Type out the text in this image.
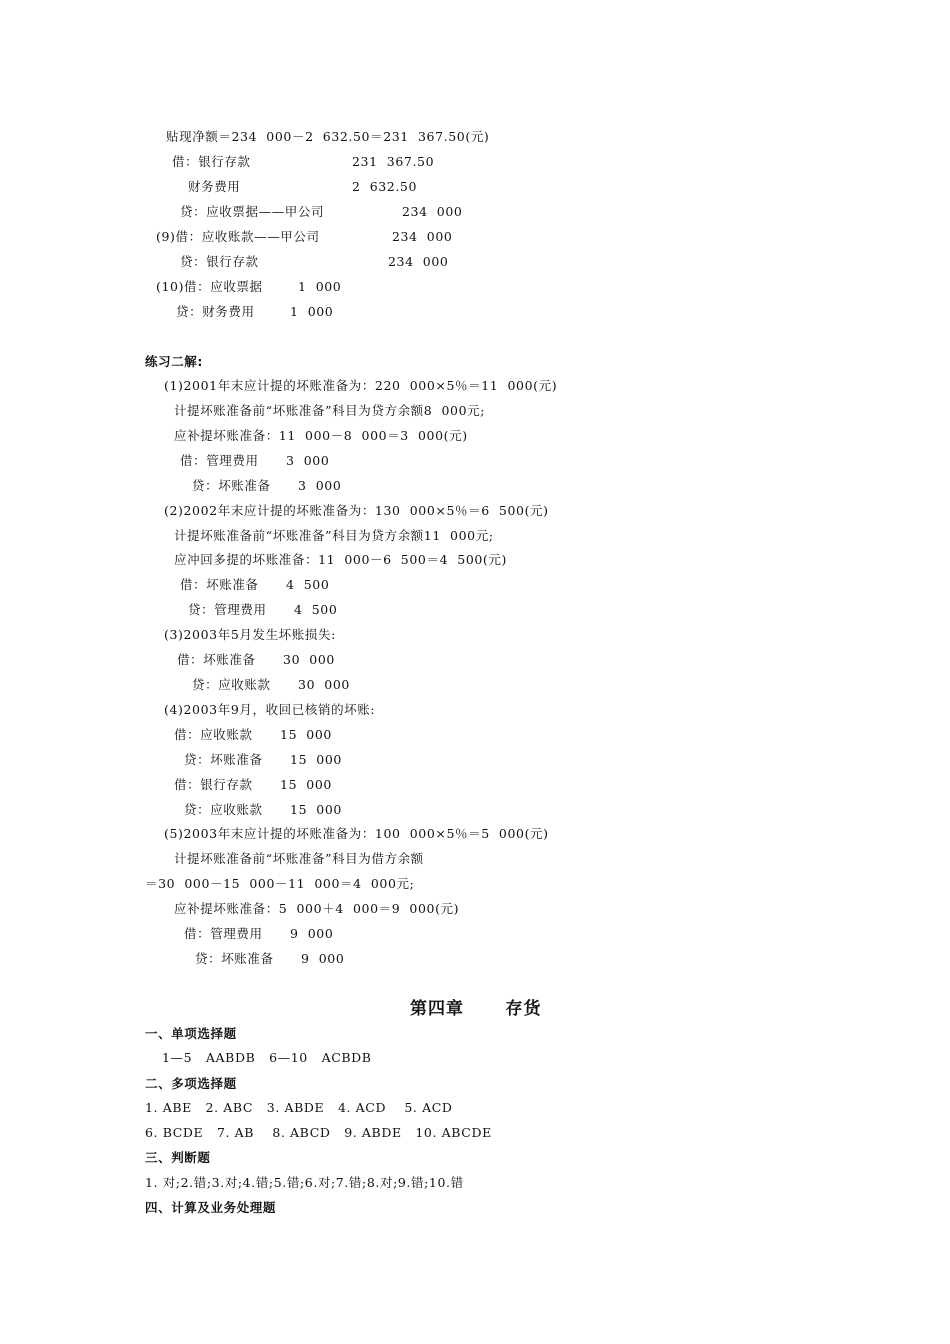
贴现净额＝234  000－2  632.50＝231  367.50(元)
借：银行存款	231  367.50
财务费用	2  632.50
贷：应收票据——甲公司	234  000
(9)借：应收账款——甲公司	234  000
贷：银行存款	234  000
(10)借：应收票据	1  000
贷：财务费用	1  000
练习二解:
(1)2001年末应计提的坏账准备为：220  000×5％＝11  000(元)
计提坏账准备前“坏账准备”科目为贷方余额8  000元;
应补提坏账准备：11  000－8  000＝3  000(元)
借：管理费用      3  000
贷：坏账准备      3  000
(2)2002年末应计提的坏账准备为：130  000×5％＝6  500(元)
计提坏账准备前“坏账准备”科目为贷方余额11  000元;
应冲回多提的坏账准备：11  000－6  500＝4  500(元)
借：坏账准备      4  500
贷：管理费用      4  500
(3)2003年5月发生坏账损失:
借：坏账准备      30  000
贷：应收账款      30  000
(4)2003年9月，收回已核销的坏账:
借：应收账款      15  000
贷：坏账准备      15  000
借：银行存款      15  000
贷：应收账款      15  000
(5)2003年末应计提的坏账准备为：100  000×5％＝5  000(元)
计提坏账准备前“坏账准备”科目为借方余额
＝30  000－15  000－11  000＝4  000元;
应补提坏账准备：5  000＋4  000＝9  000(元)
借：管理费用      9  000
贷：坏账准备      9  000
第四章      存货
一、单项选择题
1—5   AABDB   6—10   ACBDB
二、多项选择题
1. ABE   2. ABC   3. ABDE   4. ACD    5. ACD
6. BCDE   7. AB    8. ABCD   9. ABDE   10. ABCDE
三、判断题
1. 对;2.错;3.对;4.错;5.错;6.对;7.错;8.对;9.错;10.错
四、计算及业务处理题
